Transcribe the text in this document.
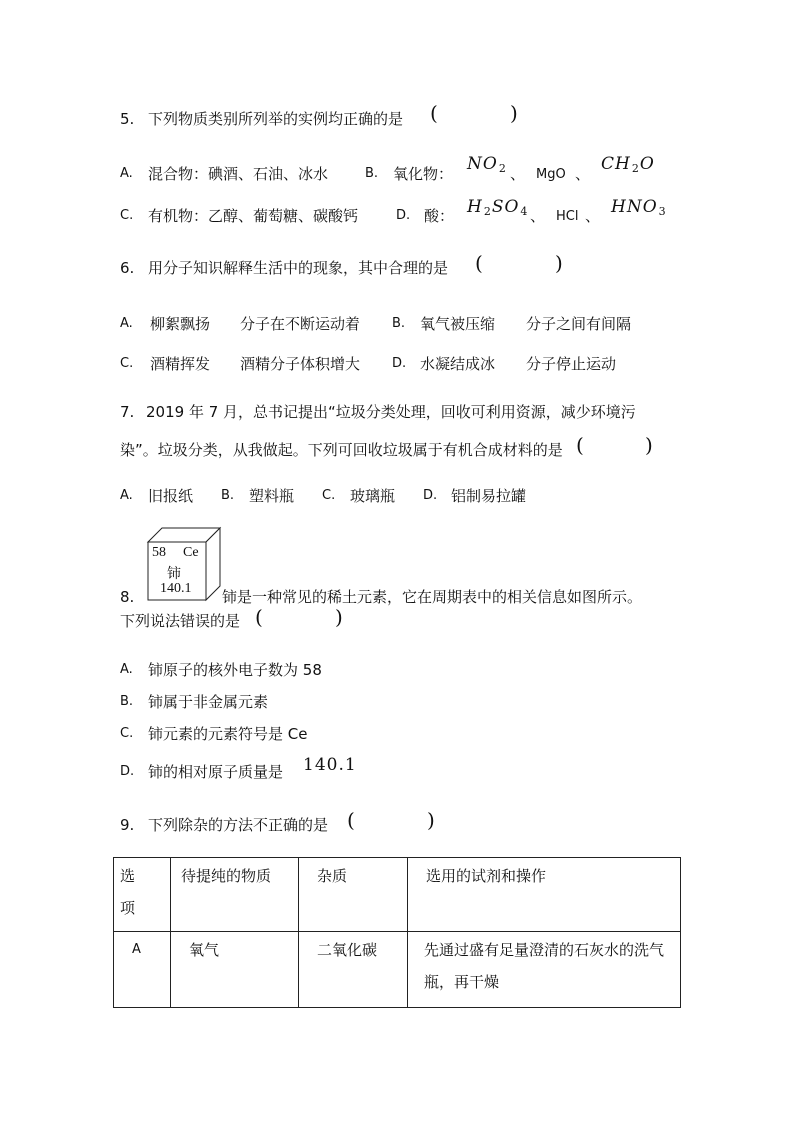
5. 下列物质类别所列举的实例均正确的是 (	)
A. 混合物：碘酒、石油、冰水	B. 氧化物： $NO_2$ 、 MgO 、 $CH_2O$
C. 有机物：乙醇、葡萄糖、碳酸钙	D. 酸： $H_2SO_4$ 、 HCl 、 $HNO_3$
6. 用分子知识解释生活中的现象，其中合理的是 (	)
A. 柳絮飘扬 分子在不断运动着 B. 氧气被压缩 分子之间有间隔
C. 酒精挥发 酒精分子体积增大 D. 水凝结成冰 分子停止运动
7. 2019 年 7 月，总书记提出“垃圾分类处理，回收可利用资源，减少环境污
染”。垃圾分类，从我做起。下列可回收垃圾属于有机合成材料的是 (	)
A. 旧报纸 B. 塑料瓶 C. 玻璃瓶 D. 铝制易拉罐
58 Ce
铈
140.1
8.	铈是一种常见的稀土元素，它在周期表中的相关信息如图所示。
下列说法错误的是 (	)
A. 铈原子的核外电子数为 58
B. 铈属于非金属元素
C. 铈元素的元素符号是 Ce
D. 铈的相对原子质量是 140.1
9. 下列除杂的方法不正确的是 (	)
选
项	待提纯的物质	杂质	选用的试剂和操作
A	氧气	二氧化碳	先通过盛有足量澄清的石灰水的洗气瓶，再干燥
